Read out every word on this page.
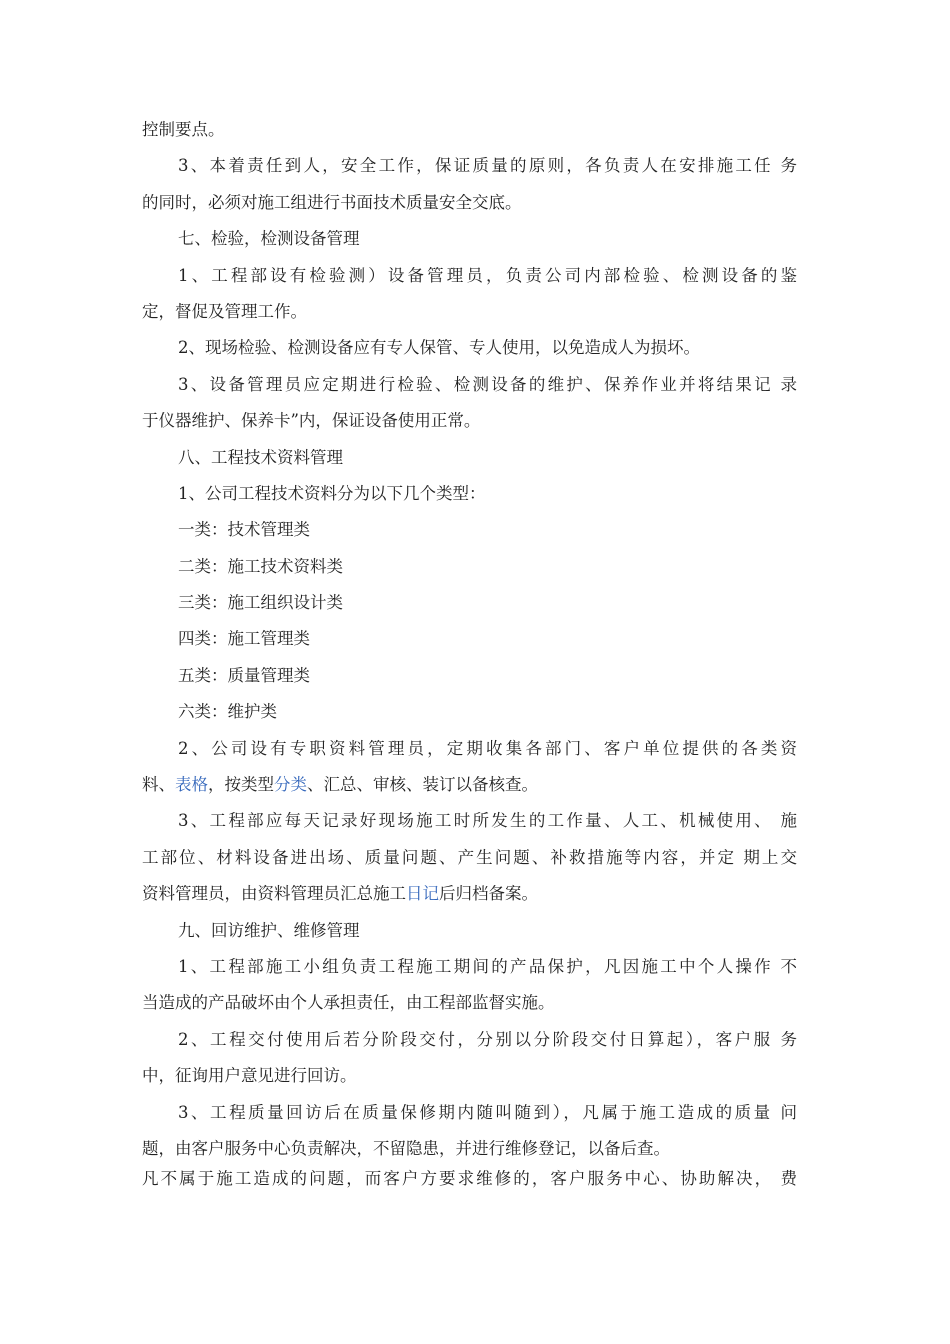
控制要点。
3、本着责任到人，安全工作，保证质量的原则，各负责人在安排施工任 务
的同时，必须对施工组进行书面技术质量安全交底。
七、检验，检测设备管理
1、工程部设有检验测）设备管理员，负责公司内部检验、检测设备的鉴
定，督促及管理工作。
2、现场检验、检测设备应有专人保管、专人使用，以免造成人为损坏。
3、设备管理员应定期进行检验、检测设备的维护、保养作业并将结果记 录
于仪器维护、保养卡”内，保证设备使用正常。
八、工程技术资料管理
1、公司工程技术资料分为以下几个类型：
一类：技术管理类
二类：施工技术资料类
三类：施工组织设计类
四类：施工管理类
五类：质量管理类
六类：维护类
2、公司设有专职资料管理员，定期收集各部门、客户单位提供的各类资
料、表格，按类型分类、汇总、审核、装订以备核查。
3、工程部应每天记录好现场施工时所发生的工作量、人工、机械使用、 施
工部位、材料设备进出场、质量问题、产生问题、补救措施等内容，并定 期上交
资料管理员，由资料管理员汇总施工日记后归档备案。
九、回访维护、维修管理
1、工程部施工小组负责工程施工期间的产品保护，凡因施工中个人操作 不
当造成的产品破坏由个人承担责任，由工程部监督实施。
2、工程交付使用后若分阶段交付，分别以分阶段交付日算起），客户服 务
中，征询用户意见进行回访。
3、工程质量回访后在质量保修期内随叫随到），凡属于施工造成的质量 问
题，由客户服务中心负责解决，不留隐患，并进行维修登记，以备后查。
凡不属于施工造成的问题，而客户方要求维修的，客户服务中心、协助解决， 费
